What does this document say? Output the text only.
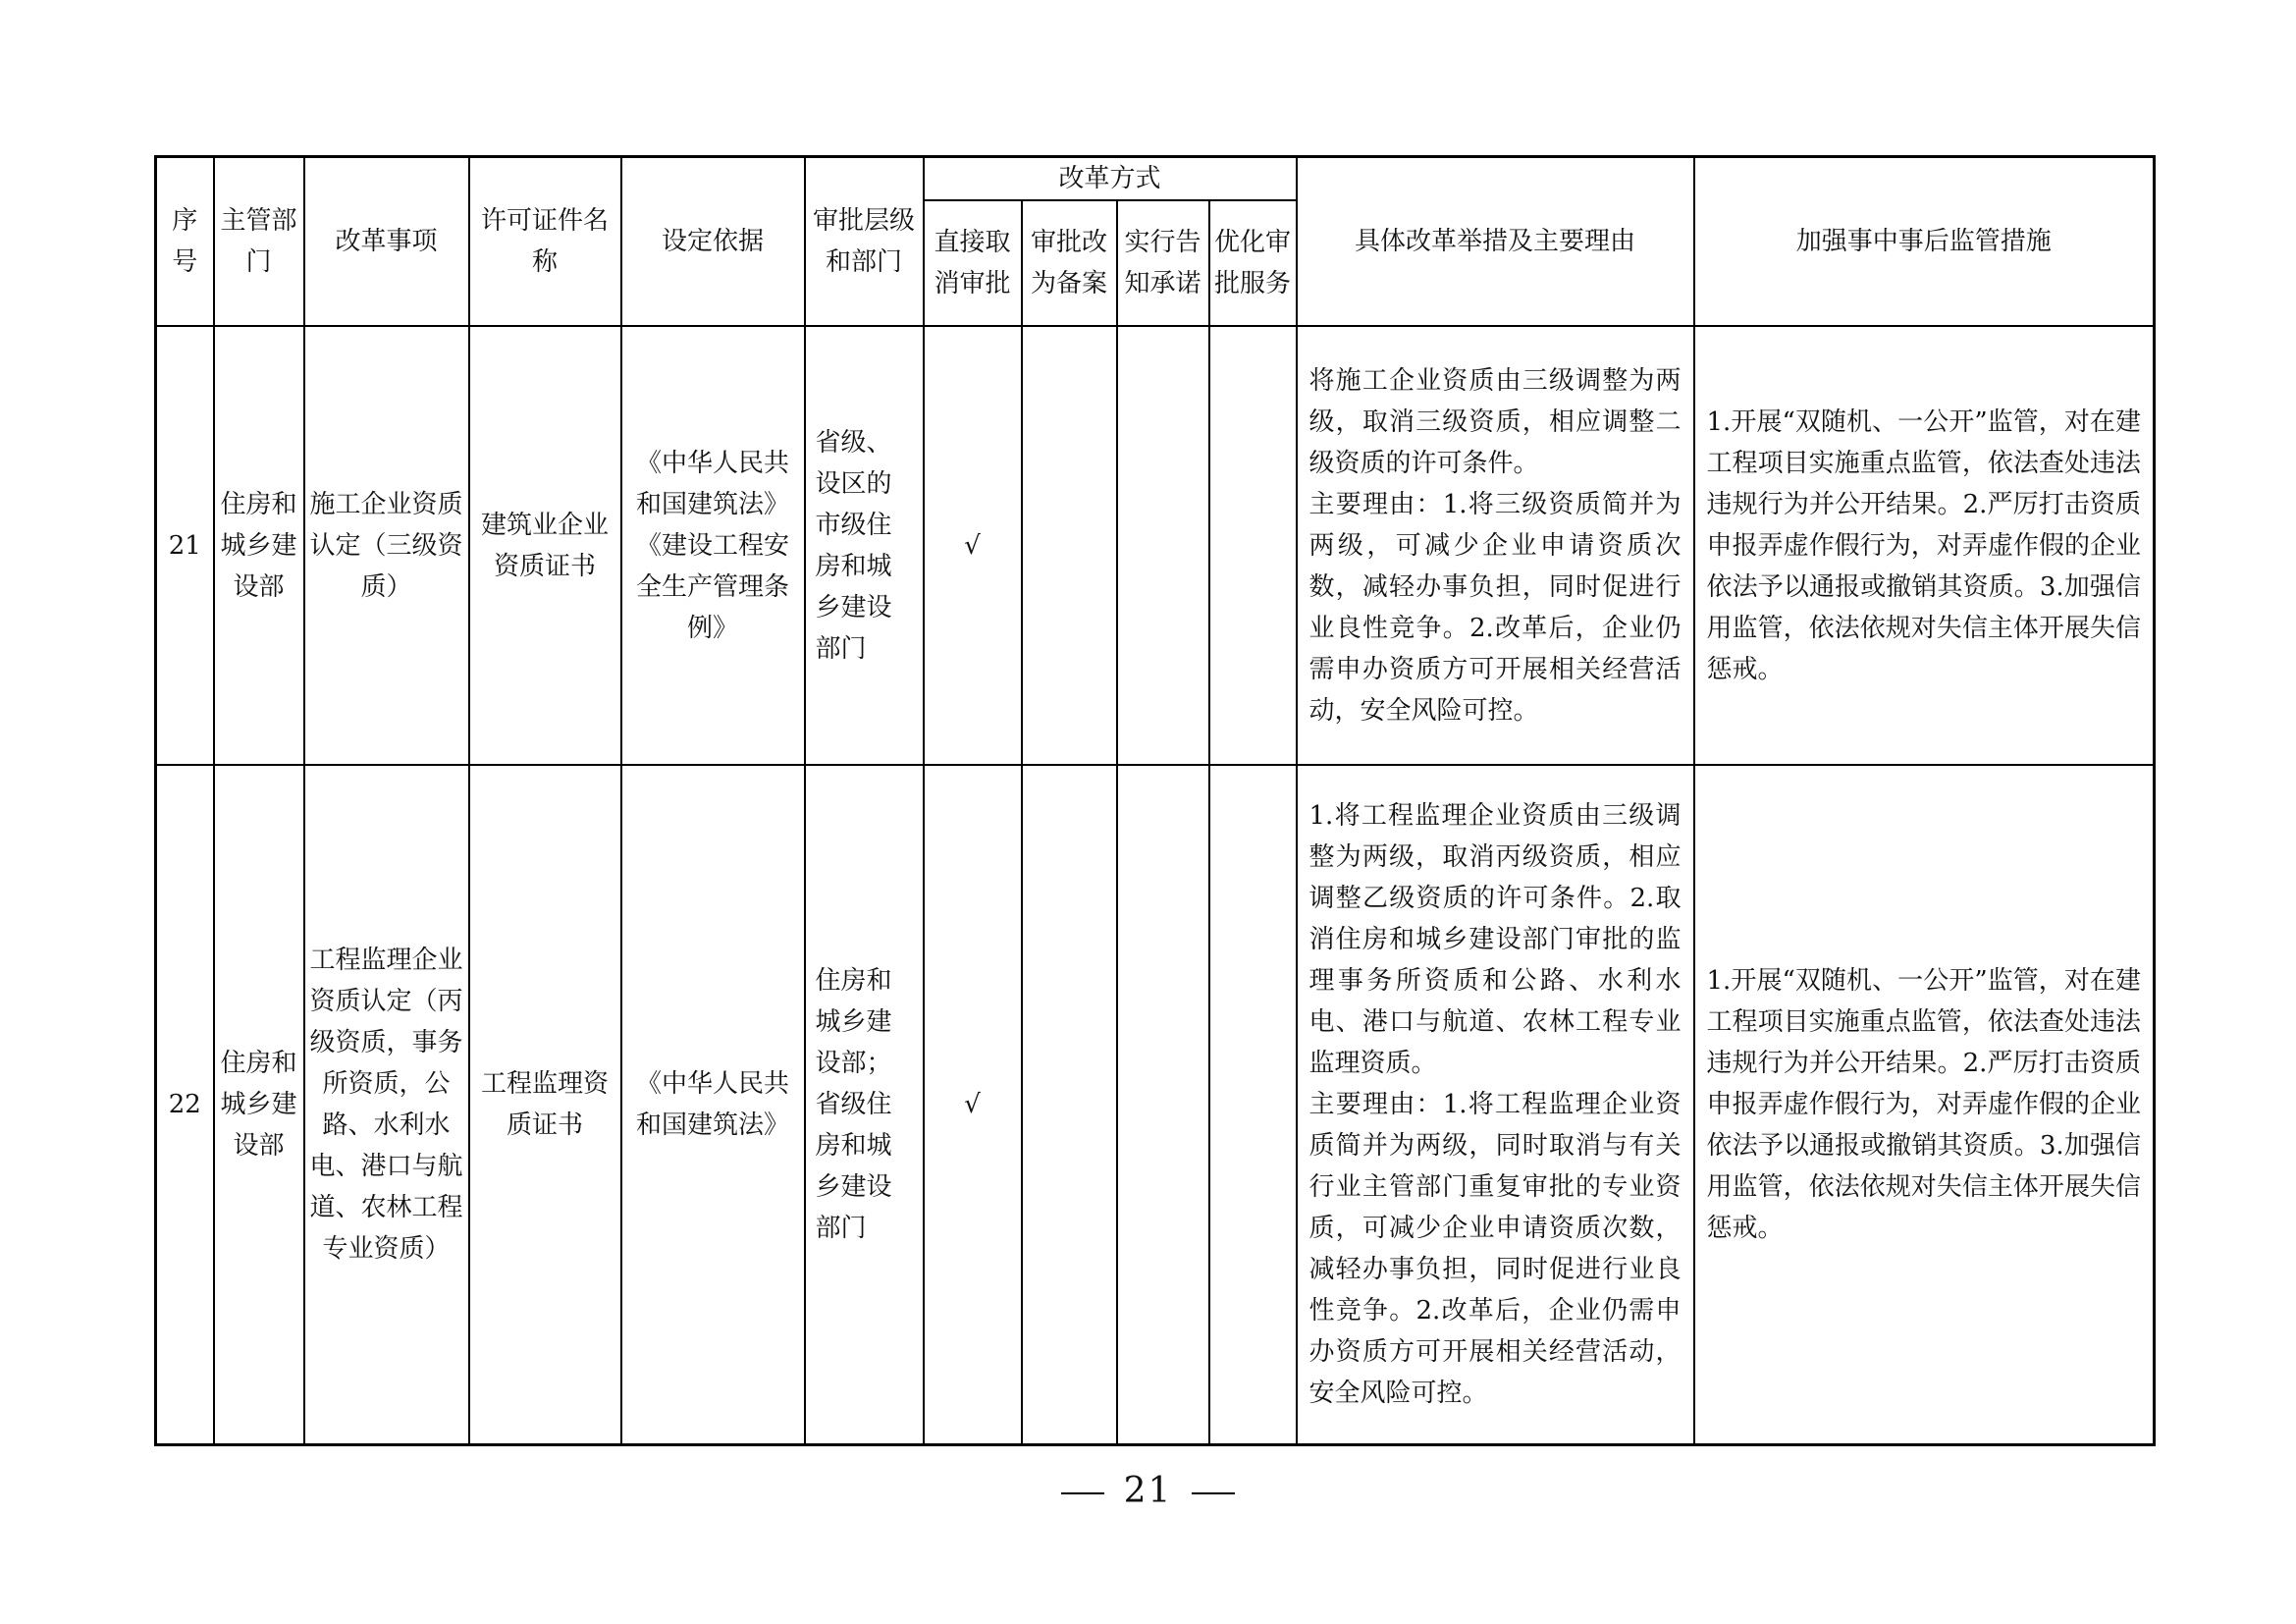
序号	主管部门	改革事项	许可证件名称	设定依据	审批层级和部门	改革方式				具体改革举措及主要理由	加强事中事后监管措施
						直接取消审批	审批改为备案	实行告知承诺	优化审批服务		
21	住房和城乡建设部	施工企业资质认定（三级资质）	建筑业企业资质证书	《中华人民共和国建筑法》《建设工程安全生产管理条例》	省级、设区的市级住房和城乡建设部门	√				将施工企业资质由三级调整为两级，取消三级资质，相应调整二级资质的许可条件。
主要理由：1.将三级资质简并为两级，可减少企业申请资质次数，减轻办事负担，同时促进行业良性竞争。2.改革后，企业仍需申办资质方可开展相关经营活动，安全风险可控。	1.开展“双随机、一公开”监管，对在建工程项目实施重点监管，依法查处违法违规行为并公开结果。2.严厉打击资质申报弄虚作假行为，对弄虚作假的企业依法予以通报或撤销其资质。3.加强信用监管，依法依规对失信主体开展失信惩戒。
22	住房和城乡建设部	工程监理企业资质认定（丙级资质，事务所资质，公路、水利水电、港口与航道、农林工程专业资质）	工程监理资质证书	《中华人民共和国建筑法》	住房和城乡建设部；省级住房和城乡建设部门	√				1.将工程监理企业资质由三级调整为两级，取消丙级资质，相应调整乙级资质的许可条件。2.取消住房和城乡建设部门审批的监理事务所资质和公路、水利水电、港口与航道、农林工程专业监理资质。
主要理由：1.将工程监理企业资质简并为两级，同时取消与有关行业主管部门重复审批的专业资质，可减少企业申请资质次数，减轻办事负担，同时促进行业良性竞争。2.改革后，企业仍需申办资质方可开展相关经营活动，安全风险可控。	1.开展“双随机、一公开”监管，对在建工程项目实施重点监管，依法查处违法违规行为并公开结果。2.严厉打击资质申报弄虚作假行为，对弄虚作假的企业依法予以通报或撤销其资质。3.加强信用监管，依法依规对失信主体开展失信惩戒。
21
